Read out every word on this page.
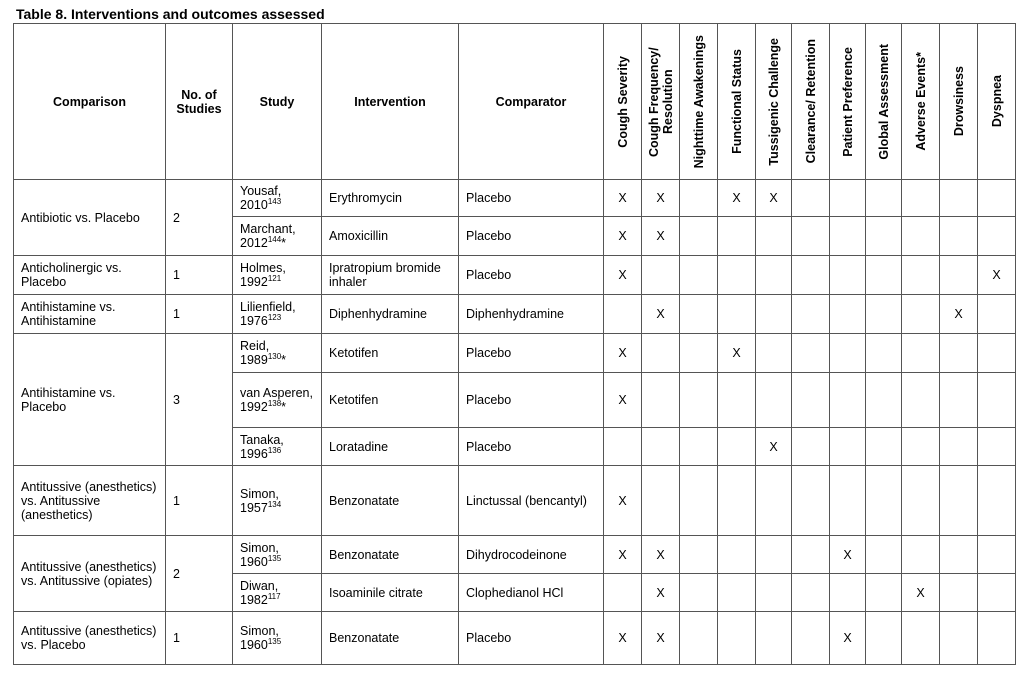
Table 8. Interventions and outcomes assessed
Comparison	No. of Studies	Study	Intervention	Comparator	Cough Severity	Cough Frequency/ Resolution	Nighttime Awakenings	Functional Status	Tussigenic Challenge	Clearance/ Retention	Patient Preference	Global Assessment	Adverse Events*	Drowsiness	Dyspnea

Antibiotic vs. Placebo	2	Yousaf, 2010$^{143}$	Erythromycin	Placebo	X	X		X	X						
		Marchant, 2012$^{144}$*	Amoxicillin	Placebo	X	X									
Anticholinergic vs. Placebo	1	Holmes, 1992$^{121}$	Ipratropium bromide inhaler	Placebo	X										X
Antihistamine vs. Antihistamine	1	Lilienfield, 1976$^{123}$	Diphenhydramine	Diphenhydramine		X								X	
Antihistamine vs. Placebo	3	Reid, 1989$^{130}$*	Ketotifen	Placebo	X			X							
		van Asperen, 1992$^{138}$*	Ketotifen	Placebo	X										
		Tanaka, 1996$^{136}$	Loratadine	Placebo					X						
Antitussive (anesthetics) vs. Antitussive (anesthetics)	1	Simon, 1957$^{134}$	Benzonatate	Linctussal (bencantyl)	X										
Antitussive (anesthetics) vs. Antitussive (opiates)	2	Simon, 1960$^{135}$	Benzonatate	Dihydrocodeinone	X	X					X				
		Diwan, 1982$^{117}$	Isoaminile citrate	Clophedianol HCl		X							X		
Antitussive (anesthetics) vs. Placebo	1	Simon, 1960$^{135}$	Benzonatate	Placebo	X	X					X				
